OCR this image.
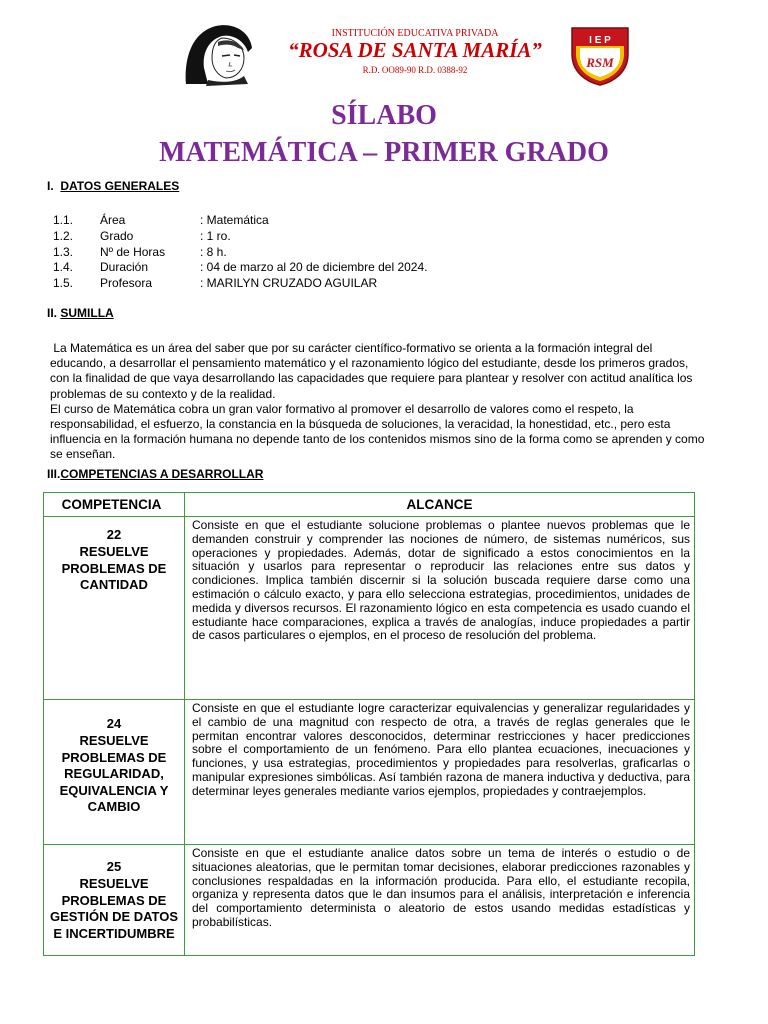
INSTITUCIÓN EDUCATIVA PRIVADA
“ROSA DE SANTA MARÍA”
R.D. OO89-90 R.D. 0388-92
I E P
RSM
SÍLABO
MATEMÁTICA – PRIMER GRADO
I. DATOS GENERALES
1.1. Área	: Matemática
1.2. Grado	: 1 ro.
1.3. Nº de Horas	: 8 h.
1.4. Duración	: 04 de marzo al 20 de diciembre del 2024.
1.5. Profesora	: MARILYN CRUZADO AGUILAR
II. SUMILLA

La Matemática es un área del saber que por su carácter científico-formativo se orienta a la formación integral del educando, a desarrollar el pensamiento matemático y el razonamiento lógico del estudiante, desde los primeros grados, con la finalidad de que vaya desarrollando las capacidades que requiere para plantear y resolver con actitud analítica los problemas de su contexto y de la realidad.

El curso de Matemática cobra un gran valor formativo al promover el desarrollo de valores como el respeto, la responsabilidad, el esfuerzo, la constancia en la búsqueda de soluciones, la veracidad, la honestidad, etc., pero esta influencia en la formación humana no depende tanto de los contenidos mismos sino de la forma como se aprenden y como se enseñan.

III.COMPETENCIAS A DESARROLLAR
COMPETENCIA	ALCANCE

22
RESUELVE PROBLEMAS DE CANTIDAD	Consiste en que el estudiante solucione problemas o plantee nuevos problemas que le demanden construir y comprender las nociones de número, de sistemas numéricos, sus operaciones y propiedades. Además, dotar de significado a estos conocimientos en la situación y usarlos para representar o reproducir las relaciones entre sus datos y condiciones. Implica también discernir si la solución buscada requiere darse como una estimación o cálculo exacto, y para ello selecciona estrategias, procedimientos, unidades de medida y diversos recursos. El razonamiento lógico en esta competencia es usado cuando el estudiante hace comparaciones, explica a través de analogías, induce propiedades a partir de casos particulares o ejemplos, en el proceso de resolución del problema.

24
RESUELVE PROBLEMAS DE REGULARIDAD, EQUIVALENCIA Y CAMBIO	Consiste en que el estudiante logre caracterizar equivalencias y generalizar regularidades y el cambio de una magnitud con respecto de otra, a través de reglas generales que le permitan encontrar valores desconocidos, determinar restricciones y hacer predicciones sobre el comportamiento de un fenómeno. Para ello plantea ecuaciones, inecuaciones y funciones, y usa estrategias, procedimientos y propiedades para resolverlas, graficarlas o manipular expresiones simbólicas. Así también razona de manera inductiva y deductiva, para determinar leyes generales mediante varios ejemplos, propiedades y contraejemplos.

25
RESUELVE PROBLEMAS DE GESTIÓN DE DATOS E INCERTIDUMBRE	Consiste en que el estudiante analice datos sobre un tema de interés o estudio o de situaciones aleatorias, que le permitan tomar decisiones, elaborar predicciones razonables y conclusiones respaldadas en la información producida. Para ello, el estudiante recopila, organiza y representa datos que le dan insumos para el análisis, interpretación e inferencia del comportamiento determinista o aleatorio de estos usando medidas estadísticas y probabilísticas.
